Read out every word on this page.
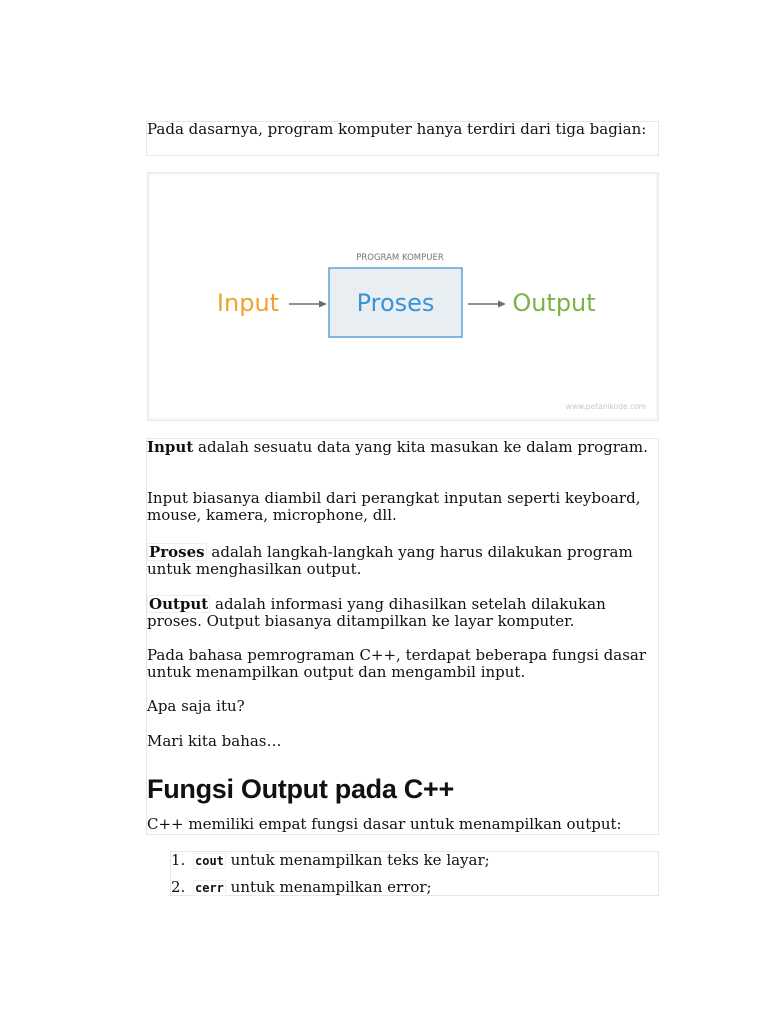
Pada dasarnya, program komputer hanya terdiri dari tiga bagian:

PROGRAM KOMPUER
Input	Proses	Output
www.petanikode.com

Input adalah sesuatu data yang kita masukan ke dalam program.

Input biasanya diambil dari perangkat inputan seperti keyboard, mouse, kamera, microphone, dll.

Proses adalah langkah-langkah yang harus dilakukan program untuk menghasilkan output.

Output adalah informasi yang dihasilkan setelah dilakukan proses. Output biasanya ditampilkan ke layar komputer.

Pada bahasa pemrograman C++, terdapat beberapa fungsi dasar untuk menampilkan output dan mengambil input.

Apa saja itu?

Mari kita bahas…

Fungsi Output pada C++

C++ memiliki empat fungsi dasar untuk menampilkan output:

1. cout untuk menampilkan teks ke layar;
2. cerr untuk menampilkan error;
